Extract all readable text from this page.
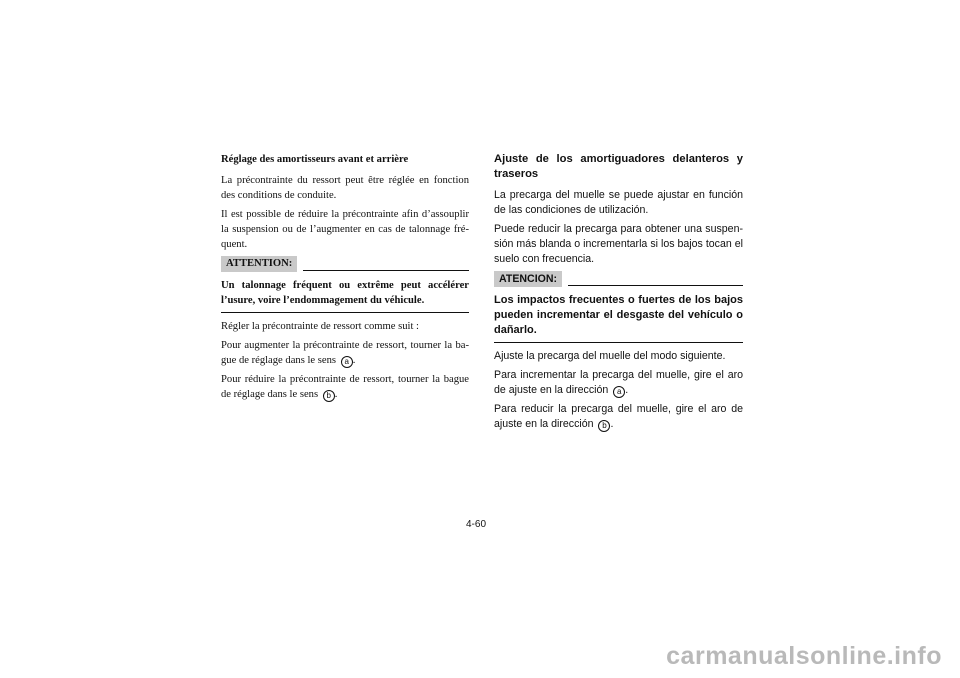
Réglage des amortisseurs avant et arrière

La précontrainte du ressort peut être réglée en fonction des conditions de conduite.

Il est possible de réduire la précontrainte afin d’assouplir la suspension ou de l’augmenter en cas de talonnage fré-quent.

ATTENTION:

Un talonnage fréquent ou extrême peut accélérer l’usure, voire l’endommagement du véhicule.

Régler la précontrainte de ressort comme suit :

Pour augmenter la précontrainte de ressort, tourner la ba-gue de réglage dans le sens a .

Pour réduire la précontrainte de ressort, tourner la bague de réglage dans le sens b .

Ajuste de los amortiguadores delanteros y traseros

La precarga del muelle se puede ajustar en función de las condiciones de utilización.

Puede reducir la precarga para obtener una suspen-sión más blanda o incrementarla si los bajos tocan el suelo con frecuencia.

ATENCION:

Los impactos frecuentes o fuertes de los bajos pueden incrementar el desgaste del vehículo o dañarlo.

Ajuste la precarga del muelle del modo siguiente.

Para incrementar la precarga del muelle, gire el aro de ajuste en la dirección a .

Para reducir la precarga del muelle, gire el aro de ajuste en la dirección b .

4-60
carmanualsonline.info
